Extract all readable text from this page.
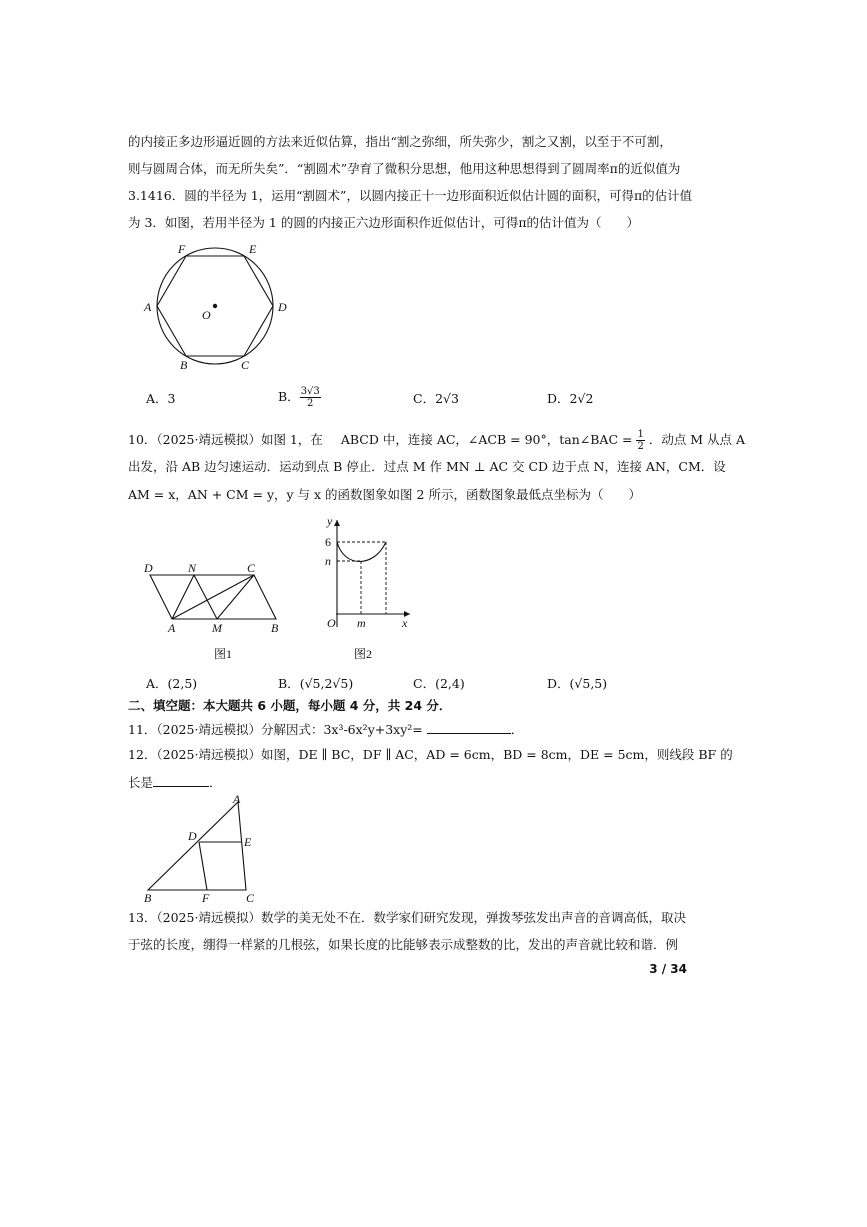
的内接正多边形逼近圆的方法来近似估算，指出“割之弥细，所失弥少，割之又割，以至于不可割，
则与圆周合体，而无所失矣”．“割圆术”孕育了微积分思想，他用这种思想得到了圆周率π的近似值为
3.1416．圆的半径为 1，运用“割圆术”，以圆内接正十一边形面积近似估计圆的面积，可得π的估计值
为 3．如图，若用半径为 1 的圆的内接正六边形面积作近似估计，可得π的估计值为（　　）
F	E
A	D
O
B	C
A．3	B． $\frac{3√3}{2}$	C．2√3	D．2√2
10．（2025·靖远模拟）如图 1，在 ABCD 中，连接 AC，∠ACB = 90°，tan∠BAC = $\frac{1}{2}$ ．动点 M 从点 A
出发，沿 AB 边匀速运动．运动到点 B 停止．过点 M 作 MN ⊥ AC 交 CD 边于点 N，连接 AN，CM．设
AM = x，AN + CM = y，y 与 x 的函数图象如图 2 所示，函数图象最低点坐标为（　　）
D	N	C
A	M	B
图1
y
6
n
O m	x
图2
A．(2,5)	B．(√5,2√5)	C．(2,4)	D．(√5,5)
二、填空题：本大题共 6 小题，每小题 4 分，共 24 分．
11．（2025·靖远模拟）分解因式：3x³-6x²y+3xy²=	．
12．（2025·靖远模拟）如图，DE ∥ BC，DF ∥ AC，AD = 6cm，BD = 8cm，DE = 5cm，则线段 BF 的
长是	．
A
D	E
B	F	C
13．（2025·靖远模拟）数学的美无处不在．数学家们研究发现，弹拨琴弦发出声音的音调高低，取决
于弦的长度，绷得一样紧的几根弦，如果长度的比能够表示成整数的比，发出的声音就比较和谐．例
3 / 34
